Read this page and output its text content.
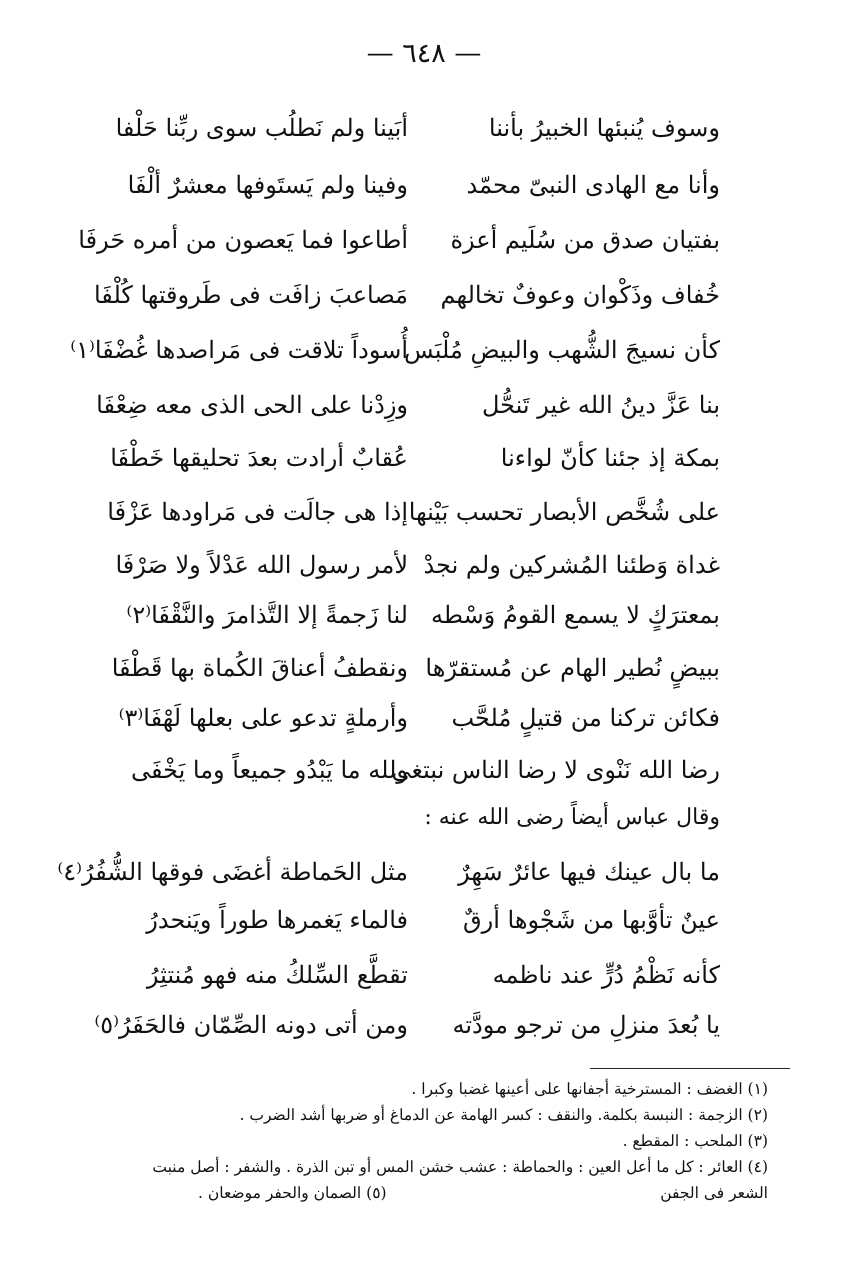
— ٦٤٨ —
وسوف يُنبئها الخبيرُ بأننا
أبَينا ولم نَطلُب سوى ربِّنا حَلْفا
وأنا مع الهادى النبىّ محمّد
وفينا ولم يَستَوفها معشرٌ ألْفَا
بفتيان صدق من سُلَيم أعزة
أطاعوا فما يَعصون من أمره حَرفَا
خُفاف وذَكْوان وعوفٌ تخالهم
مَصاعبَ زافَت فى طَروقتها كُلْفَا
كأن نسيجَ الشُّهب والبيضِ مُلْبَس
أُسوداً تلاقت فى مَراصدها غُضْفَا⁽١⁾
بنا عَزَّ دينُ الله غير تَنحُّل
وزِدْنا على الحى الذى معه ضِعْفَا
بمكة إذ جئنا كأنّ لواءنا
عُقابٌ أرادت بعدَ تحليقها خَطْفَا
على شُخَّص الأبصار تحسب بَيْنها
إذا هى جالَت فى مَراودها عَزْفَا
غداة وَطئنا المُشركين ولم نجدْ
لأمر رسول الله عَدْلاً ولا صَرْفَا
بمعترَكٍ لا يسمع القومُ وَسْطه
لنا زَجمةً إلا التَّذامرَ والنَّقْفَا⁽٢⁾
ببيضٍ نُطير الهام عن مُستقرّها
ونقطفُ أعناقَ الكُماة بها قَطْفَا
فكائن تركنا من قتيلٍ مُلحَّب
وأرملةٍ تدعو على بعلها لَهْفَا⁽٣⁾
رضا الله نَنْوى لا رضا الناس نبتغى
ولله ما يَبْدُو جميعاً وما يَخْفَى
وقال عباس أيضاً رضى الله عنه :
ما بال عينك فيها عائرٌ سَهِرٌ
مثل الحَماطة أغضَى فوقها الشُّفُرُ⁽٤⁾
عينٌ تأوَّبها من شَجْوها أرقٌ
فالماء يَغمرها طوراً ويَنحدرُ
كأنه نَظْمُ دُرٍّ عند ناظمه
تقطَّع السِّلكُ منه فهو مُنتثِرُ
يا بُعدَ منزلِ من ترجو مودَّته
ومن أتى دونه الصِّمّان فالحَفَرُ⁽٥⁾
(١) الغضف : المسترخية أجفانها على أعينها غضبا وكبرا .
(٢) الزجمة : النبسة بكلمة. والنقف : كسر الهامة عن الدماغ أو ضربها أشد الضرب .
(٣) الملحب : المقطع .
(٤) العائر : كل ما أعل العين : والحماطة : عشب خشن المس أو تبن الذرة . والشفر : أصل منبت
الشعر فى الجفن
(٥) الصمان والحفر موضعان .
